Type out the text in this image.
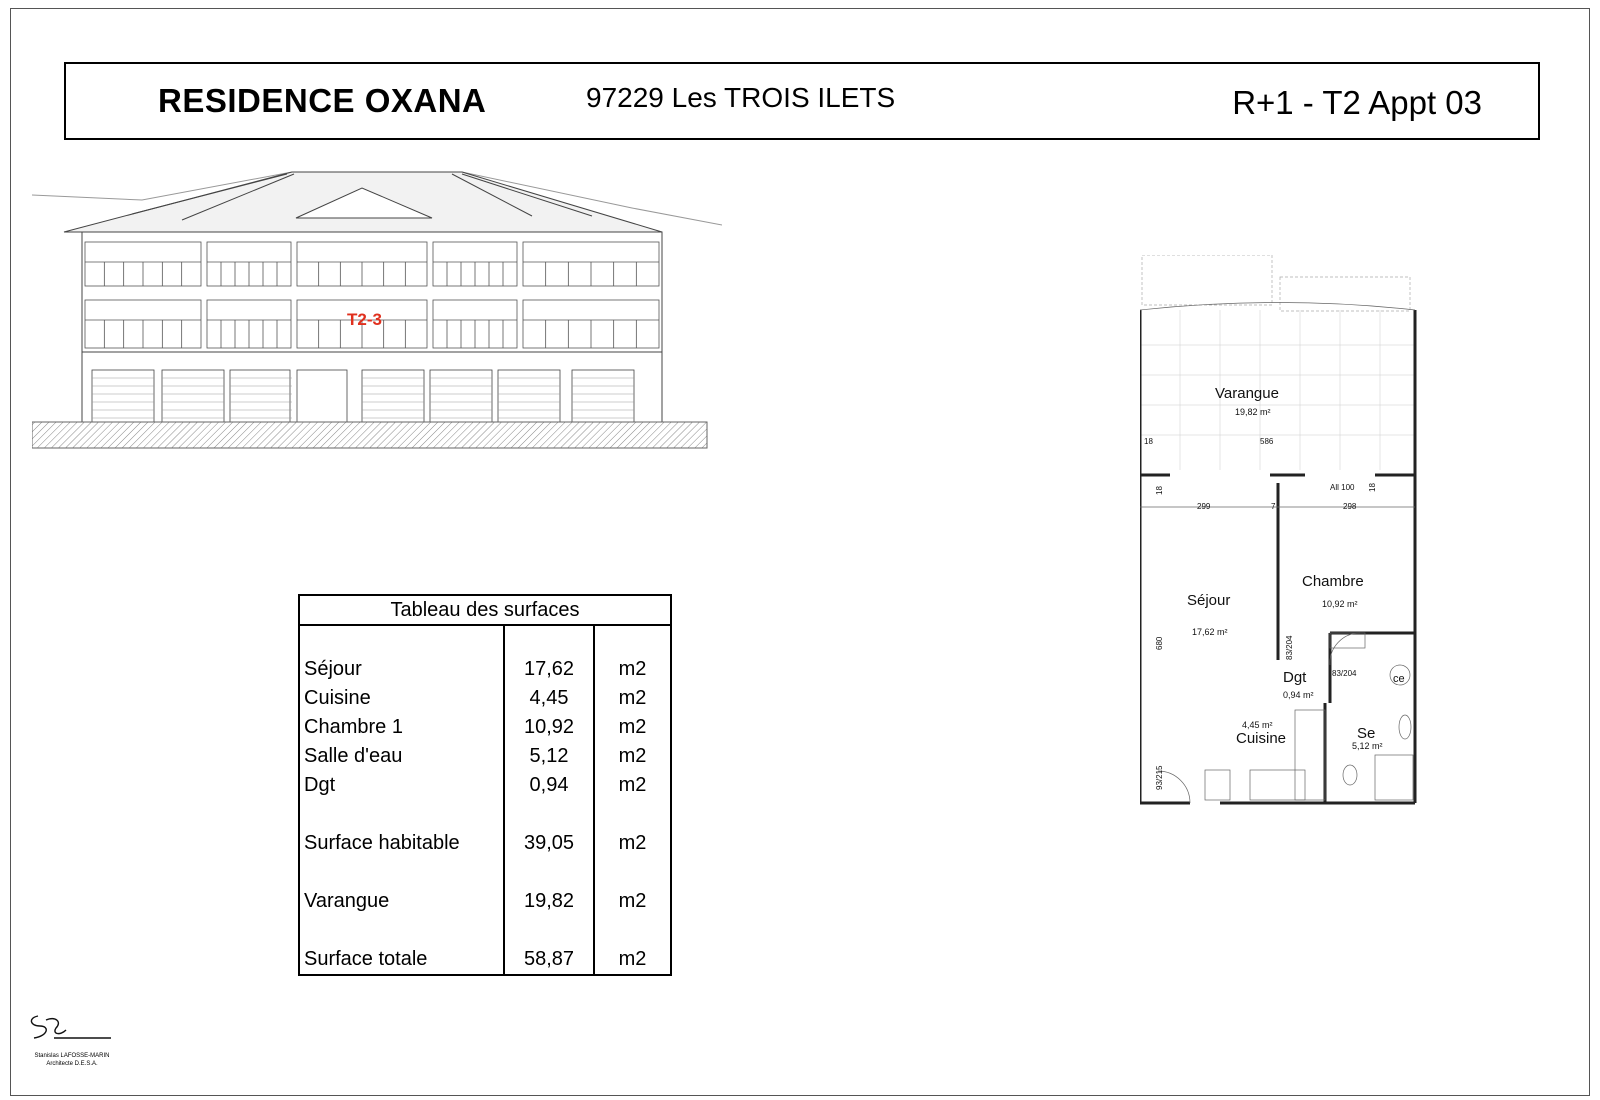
RESIDENCE OXANA	97229 Les TROIS ILETS	R+1 - T2 Appt 03
T2-3
Varangue
19,82 m²
Séjour
17,62 m²
Chambre
10,92 m²
Dgt
0,94 m²
Cuisine
4,45 m²	Se
5,12 m²
ce
18	586
All 100
299	7	298
83/204
680	83/204
93/215
18	18
Tableau des surfaces		

Séjour	17,62	m2
Cuisine	4,45	m2
Chambre 1	10,92	m2
Salle d'eau	5,12	m2
Dgt	0,94	m2

Surface habitable	39,05	m2

Varangue	19,82	m2

Surface totale	58,87	m2
Stanislas LAFOSSE-MARIN
Architecte D.E.S.A.
